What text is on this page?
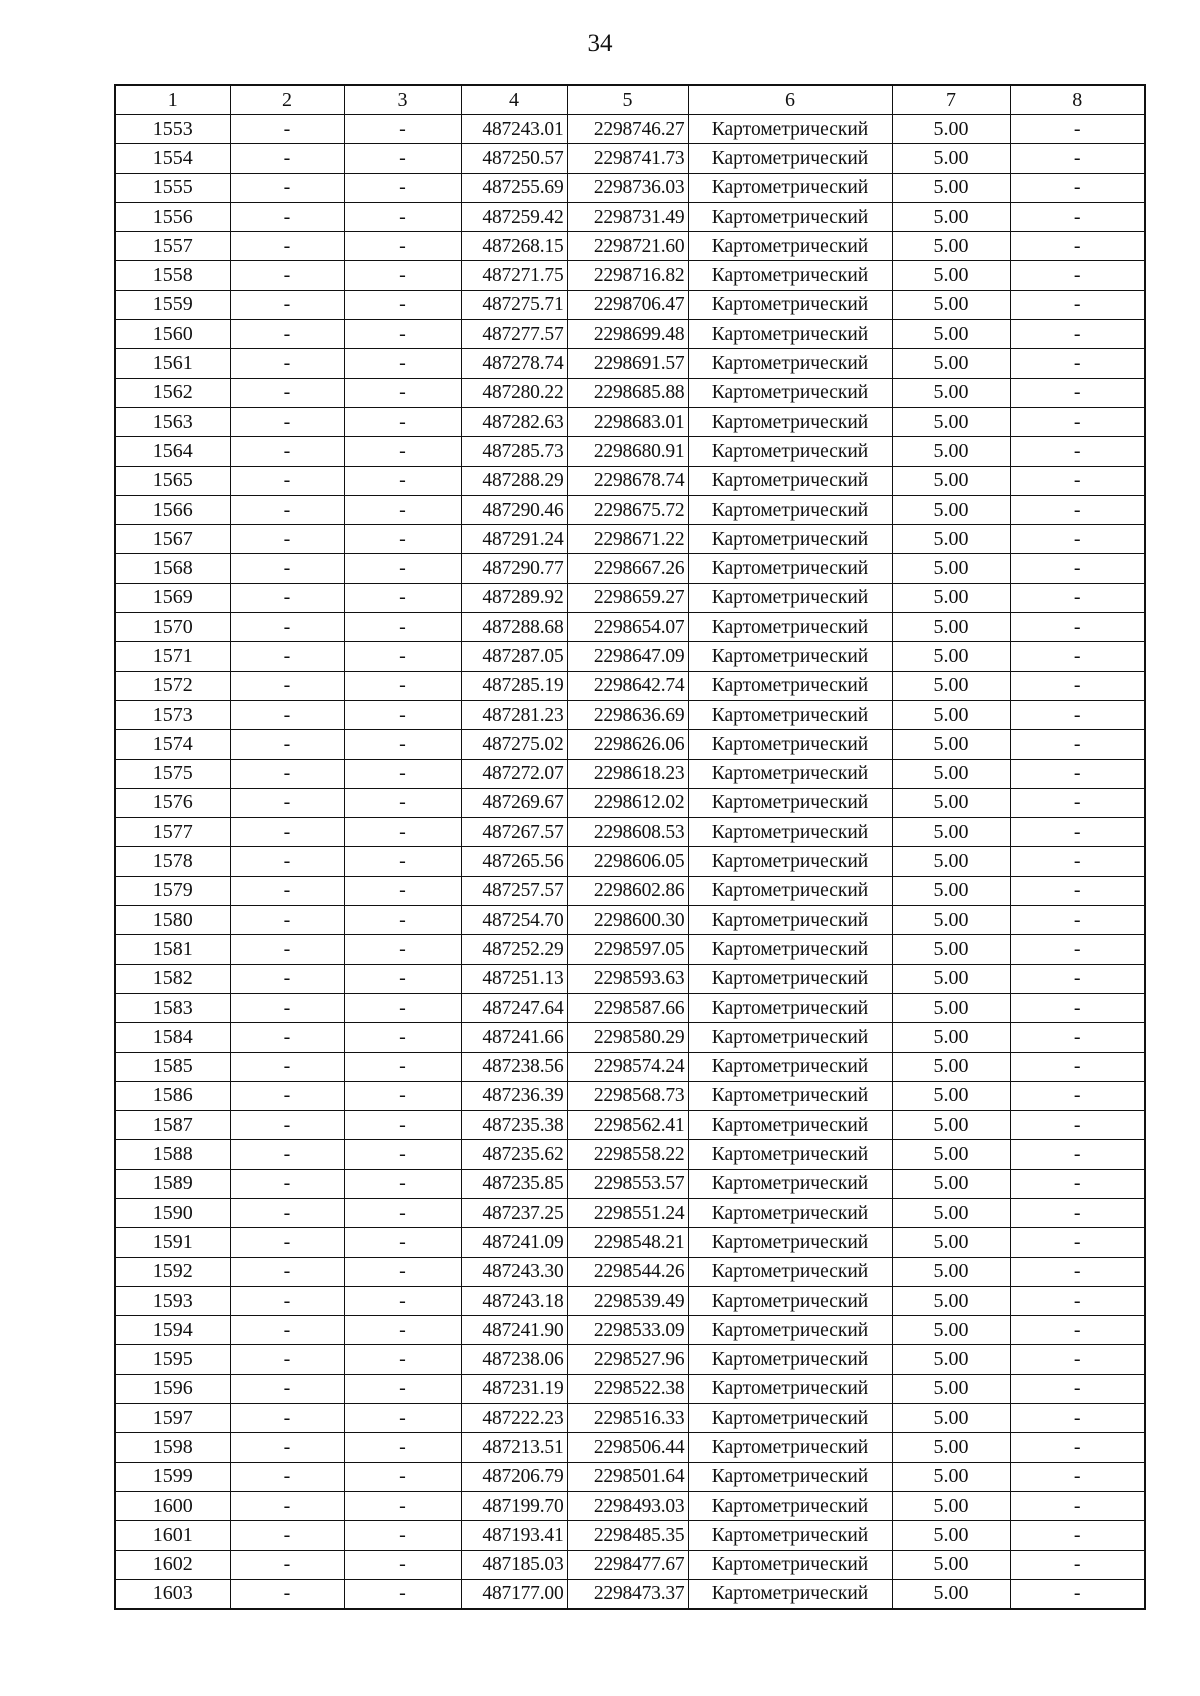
34
1	2	3	4	5	6	7	8
1553	-	-	487243.01	2298746.27	Картометрический	5.00	-
1554	-	-	487250.57	2298741.73	Картометрический	5.00	-
1555	-	-	487255.69	2298736.03	Картометрический	5.00	-
1556	-	-	487259.42	2298731.49	Картометрический	5.00	-
1557	-	-	487268.15	2298721.60	Картометрический	5.00	-
1558	-	-	487271.75	2298716.82	Картометрический	5.00	-
1559	-	-	487275.71	2298706.47	Картометрический	5.00	-
1560	-	-	487277.57	2298699.48	Картометрический	5.00	-
1561	-	-	487278.74	2298691.57	Картометрический	5.00	-
1562	-	-	487280.22	2298685.88	Картометрический	5.00	-
1563	-	-	487282.63	2298683.01	Картометрический	5.00	-
1564	-	-	487285.73	2298680.91	Картометрический	5.00	-
1565	-	-	487288.29	2298678.74	Картометрический	5.00	-
1566	-	-	487290.46	2298675.72	Картометрический	5.00	-
1567	-	-	487291.24	2298671.22	Картометрический	5.00	-
1568	-	-	487290.77	2298667.26	Картометрический	5.00	-
1569	-	-	487289.92	2298659.27	Картометрический	5.00	-
1570	-	-	487288.68	2298654.07	Картометрический	5.00	-
1571	-	-	487287.05	2298647.09	Картометрический	5.00	-
1572	-	-	487285.19	2298642.74	Картометрический	5.00	-
1573	-	-	487281.23	2298636.69	Картометрический	5.00	-
1574	-	-	487275.02	2298626.06	Картометрический	5.00	-
1575	-	-	487272.07	2298618.23	Картометрический	5.00	-
1576	-	-	487269.67	2298612.02	Картометрический	5.00	-
1577	-	-	487267.57	2298608.53	Картометрический	5.00	-
1578	-	-	487265.56	2298606.05	Картометрический	5.00	-
1579	-	-	487257.57	2298602.86	Картометрический	5.00	-
1580	-	-	487254.70	2298600.30	Картометрический	5.00	-
1581	-	-	487252.29	2298597.05	Картометрический	5.00	-
1582	-	-	487251.13	2298593.63	Картометрический	5.00	-
1583	-	-	487247.64	2298587.66	Картометрический	5.00	-
1584	-	-	487241.66	2298580.29	Картометрический	5.00	-
1585	-	-	487238.56	2298574.24	Картометрический	5.00	-
1586	-	-	487236.39	2298568.73	Картометрический	5.00	-
1587	-	-	487235.38	2298562.41	Картометрический	5.00	-
1588	-	-	487235.62	2298558.22	Картометрический	5.00	-
1589	-	-	487235.85	2298553.57	Картометрический	5.00	-
1590	-	-	487237.25	2298551.24	Картометрический	5.00	-
1591	-	-	487241.09	2298548.21	Картометрический	5.00	-
1592	-	-	487243.30	2298544.26	Картометрический	5.00	-
1593	-	-	487243.18	2298539.49	Картометрический	5.00	-
1594	-	-	487241.90	2298533.09	Картометрический	5.00	-
1595	-	-	487238.06	2298527.96	Картометрический	5.00	-
1596	-	-	487231.19	2298522.38	Картометрический	5.00	-
1597	-	-	487222.23	2298516.33	Картометрический	5.00	-
1598	-	-	487213.51	2298506.44	Картометрический	5.00	-
1599	-	-	487206.79	2298501.64	Картометрический	5.00	-
1600	-	-	487199.70	2298493.03	Картометрический	5.00	-
1601	-	-	487193.41	2298485.35	Картометрический	5.00	-
1602	-	-	487185.03	2298477.67	Картометрический	5.00	-
1603	-	-	487177.00	2298473.37	Картометрический	5.00	-
